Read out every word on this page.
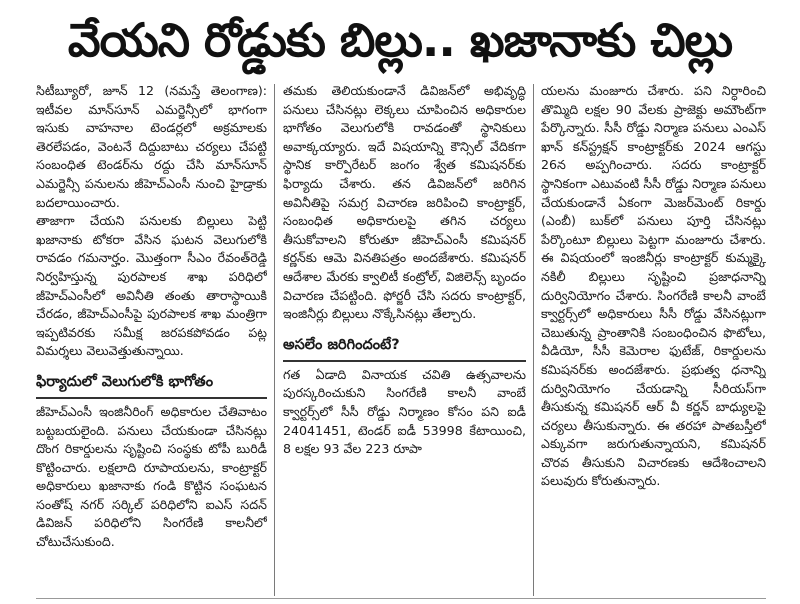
వేయని రోడ్డుకు బిల్లు.. ఖజానాకు చిల్లు

సిటీబ్యూరో, జూన్ 12 (నమస్తే తెలంగాణ): ఇటీవల మాన్‌సూన్ ఎమర్జెన్సీలో భాగంగా ఇసుకు వాహనాల టెండర్లలో అక్రమాలకు తెరలేపడం, వెంటనే దిద్దుబాటు చర్యలు చేపట్టి సంబంధిత టెండర్‌ను రద్దు చేసి మాన్‌సూన్ ఎమర్జెన్సీ పనులను జీహెచ్‌ఎంసీ నుంచి హైడ్రాకు బదలాయించారు.

తాజాగా చేయని పనులకు బిల్లులు పెట్టి ఖజానాకు టోకరా వేసిన ఘటన వెలుగులోకి రావడం గమనార్హం. మొత్తంగా సీఎం రేవంత్‌రెడ్డి నిర్వహిస్తున్న పురపాలక శాఖ పరిధిలో జీహెచ్‌ఎంసీలో అవినీతి తంతు తారాస్థాయికి చేరడం, జీహెచ్‌ఎంసీపై పురపాలక శాఖ మంత్రిగా ఇప్పటివరకు సమీక్ష జరపకపోవడం పట్ల విమర్శలు వెలువెత్తుతున్నాయి.

ఫిర్యాదులో వెలుగులోకి భాగోతం

జీహెచ్‌ఎంసీ ఇంజినీరింగ్ అధికారుల చేతివాటం బట్టబయలైంది. పనులు చేయకుండా చేసినట్లు దొంగ రికార్డులను సృష్టించి సంస్థకు టోపీ బురిడీ కొట్టించారు. లక్షలాది రూపాయలను, కాంట్రాక్టర్ అధికారులు ఖజానాకు గండి కొట్టిన సంఘటన సంతోష్ నగర్ సర్కిల్ పరిధిలోని ఐఎస్ సదన్ డివిజన్ పరిధిలోని సింగరేణి కాలనీలో చోటుచేసుకుంది.

తమకు తెలియకుండానే డివిజన్‌లో అభివృద్ధి పనులు చేసినట్లు లెక్కలు చూపించిన అధికారుల భాగోతం వెలుగులోకి రావడంతో స్థానికులు అవాక్కయ్యారు. ఇదే విషయాన్ని కౌన్సిల్ వేదికగా స్థానిక కార్పొరేటర్ జంగం శ్వేత కమిషనర్‌కు ఫిర్యాదు చేశారు. తన డివిజన్‌లో జరిగిన అవినీతిపై సమగ్ర విచారణ జరిపించి కాంట్రాక్టర్, సంబంధిత అధికారులపై తగిన చర్యలు తీసుకోవాలని కోరుతూ జీహెచ్‌ఎంసీ కమిషనర్ కర్ణన్‌కు ఆమె వినతిపత్రం అందజేశారు. కమిషనర్ ఆదేశాల మేరకు క్వాలిటీ కంట్రోల్, విజిలెన్స్ బృందం విచారణ చేపట్టింది. ఫోర్జరీ చేసి సదరు కాంట్రాక్టర్, ఇంజినీర్లు బిల్లులు నొక్కేసినట్లు తేల్చారు.

అసలేం జరిగిందంటే?

గత ఏడాది వినాయక చవితి ఉత్సవాలను పురస్కరించుకుని సింగరేణి కాలనీ వాంబే క్వార్టర్స్‌లో సీసీ రోడ్డు నిర్మాణం కోసం పని ఐడీ 24041451, టెండర్ ఐడీ 53998 కేటాయించి, 8 లక్షల 93 వేల 223 రూపా

యలను మంజూరు చేశారు. పని నిర్ధారించి తొమ్మిది లక్షల 90 వేలకు ప్రాజెక్టు అమౌంట్‌గా పేర్కొన్నారు. సీసీ రోడ్డు నిర్మాణ పనులు ఎంఎస్ ఖాన్ కన్‌స్ట్రక్షన్ కాంట్రాక్టర్‌కు 2024 ఆగస్టు 26న అప్పగించారు. సదరు కాంట్రాక్టర్ స్థానికంగా ఎటువంటి సీసీ రోడ్డు నిర్మాణ పనులు చేయకుండానే ఏకంగా మెజర్‌మెంట్ రికార్డు (ఎంబీ) బుక్‌లో పనులు పూర్తి చేసినట్లు పేర్కొంటూ బిల్లులు పెట్టగా మంజూరు చేశారు. ఈ విషయంలో ఇంజినీర్లు కాంట్రాక్టర్ కుమ్మక్కై నకిలీ బిల్లులు సృష్టించి ప్రజాధనాన్ని దుర్వినియోగం చేశారు. సింగరేణి కాలనీ వాంబే క్వార్టర్స్‌లో అధికారులు సీసీ రోడ్డు వేసినట్లుగా చెబుతున్న ప్రాంతానికి సంబంధించిన ఫొటోలు, వీడియో, సీసీ కెమెరాల ఫుటేజ్, రికార్డులను కమిషనర్‌కు అందజేశారు. ప్రభుత్వ ధనాన్ని దుర్వినియోగం చేయడాన్ని సీరియస్‌గా తీసుకున్న కమిషనర్ ఆర్ వీ కర్ణన్ బాధ్యులపై చర్యలు తీసుకున్నారు. ఈ తరహా పాతబస్తీలో ఎక్కువగా జరుగుతున్నాయని, కమిషనర్ చొరవ తీసుకుని విచారణకు ఆదేశించాలని పలువురు కోరుతున్నారు.
